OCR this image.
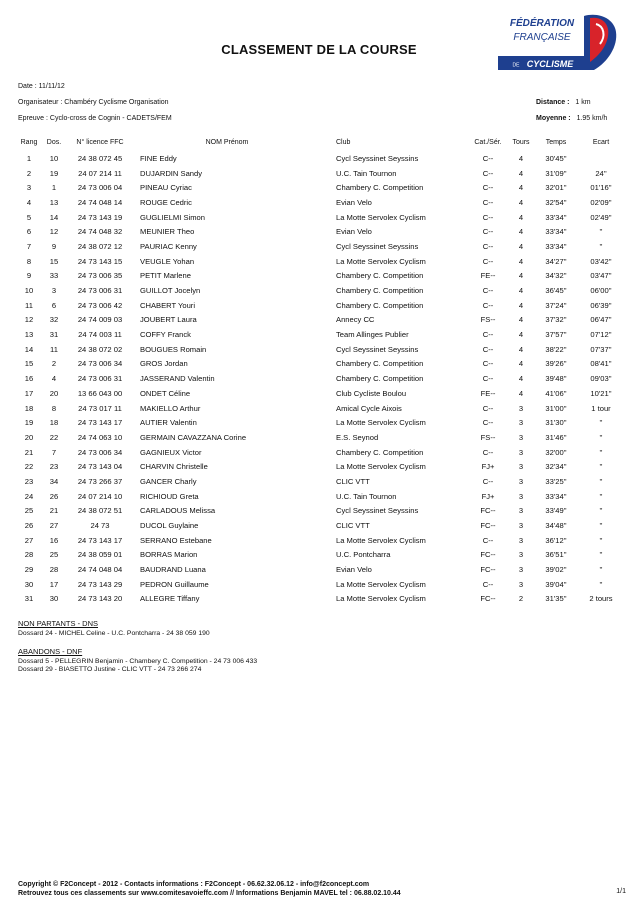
CLASSEMENT DE LA COURSE
FÉDÉRATION
FRANÇAISE
DE CYCLISME
Date : 11/11/12
Organisateur : Chambéry Cyclisme Organisation
Epreuve : Cyclo-cross de Cognin - CADETS/FEM
Distance : 1 km
Moyenne : 1.95 km/h
Rang	Dos.	N° licence FFC	NOM Prénom	Club	Cat./Sér.	Tours	Temps	Ecart
1	10	24 38 072 45	FINE Eddy	Cycl Seyssinet Seyssins	C--	4	30'45''	
2	19	24 07 214 11	DUJARDIN Sandy	U.C. Tain Tournon	C--	4	31'09''	24''
3	1	24 73 006 04	PINEAU Cyriac	Chambery C. Competition	C--	4	32'01''	01'16''
4	13	24 74 048 14	ROUGE Cedric	Evian Velo	C--	4	32'54''	02'09''
5	14	24 73 143 19	GUGLIELMI Simon	La Motte Servolex Cyclism	C--	4	33'34''	02'49''
6	12	24 74 048 32	MEUNIER Theo	Evian Velo	C--	4	33'34''	''
7	9	24 38 072 12	PAURIAC Kenny	Cycl Seyssinet Seyssins	C--	4	33'34''	''
8	15	24 73 143 15	VEUGLE Yohan	La Motte Servolex Cyclism	C--	4	34'27''	03'42''
9	33	24 73 006 35	PETIT Marlene	Chambery C. Competition	FE--	4	34'32''	03'47''
10	3	24 73 006 31	GUILLOT Jocelyn	Chambery C. Competition	C--	4	36'45''	06'00''
11	6	24 73 006 42	CHABERT Youri	Chambery C. Competition	C--	4	37'24''	06'39''
12	32	24 74 009 03	JOUBERT Laura	Annecy CC	FS--	4	37'32''	06'47''
13	31	24 74 003 11	COFFY Franck	Team Allinges Publier	C--	4	37'57''	07'12''
14	11	24 38 072 02	BOUGUES Romain	Cycl Seyssinet Seyssins	C--	4	38'22''	07'37''
15	2	24 73 006 34	GROS Jordan	Chambery C. Competition	C--	4	39'26''	08'41''
16	4	24 73 006 31	JASSERAND Valentin	Chambery C. Competition	C--	4	39'48''	09'03''
17	20	13 66 043 00	ONDET Céline	Club Cycliste Boulou	FE--	4	41'06''	10'21''
18	8	24 73 017 11	MAKIELLO Arthur	Amical Cycle Aixois	C--	3	31'00''	1 tour
19	18	24 73 143 17	AUTIER Valentin	La Motte Servolex Cyclism	C--	3	31'30''	''
20	22	24 74 063 10	GERMAIN CAVAZZANA Corine	E.S. Seynod	FS--	3	31'46''	''
21	7	24 73 006 34	GAGNIEUX Victor	Chambery C. Competition	C--	3	32'00''	''
22	23	24 73 143 04	CHARVIN Christelle	La Motte Servolex Cyclism	FJ+	3	32'34''	''
23	34	24 73 266 37	GANCER Charly	CLIC VTT	C--	3	33'25''	''
24	26	24 07 214 10	RICHIOUD Greta	U.C. Tain Tournon	FJ+	3	33'34''	''
25	21	24 38 072 51	CARLADOUS Melissa	Cycl Seyssinet Seyssins	FC--	3	33'49''	''
26	27	24 73	DUCOL Guylaine	CLIC VTT	FC--	3	34'48''	''
27	16	24 73 143 17	SERRANO Estebane	La Motte Servolex Cyclism	C--	3	36'12''	''
28	25	24 38 059 01	BORRAS Marion	U.C. Pontcharra	FC--	3	36'51''	''
29	28	24 74 048 04	BAUDRAND Luana	Evian Velo	FC--	3	39'02''	''
30	17	24 73 143 29	PEDRON Guillaume	La Motte Servolex Cyclism	C--	3	39'04''	''
31	30	24 73 143 20	ALLEGRE Tiffany	La Motte Servolex Cyclism	FC--	2	31'35''	2 tours
NON PARTANTS - DNS
Dossard 24 - MICHEL Celine - U.C. Pontcharra - 24 38 059 190
ABANDONS - DNF
Dossard 5 - PELLEGRIN Benjamin - Chambery C. Competition - 24 73 006 433
Dossard 29 - BIASETTO Justine - CLIC VTT - 24 73 266 274
Copyright © F2Concept - 2012 - Contacts informations : F2Concept - 06.62.32.06.12 - info@f2concept.com
Retrouvez tous ces classements sur www.comitesavoieffc.com // Informations Benjamin MAVEL tel : 06.88.02.10.44	1/1
